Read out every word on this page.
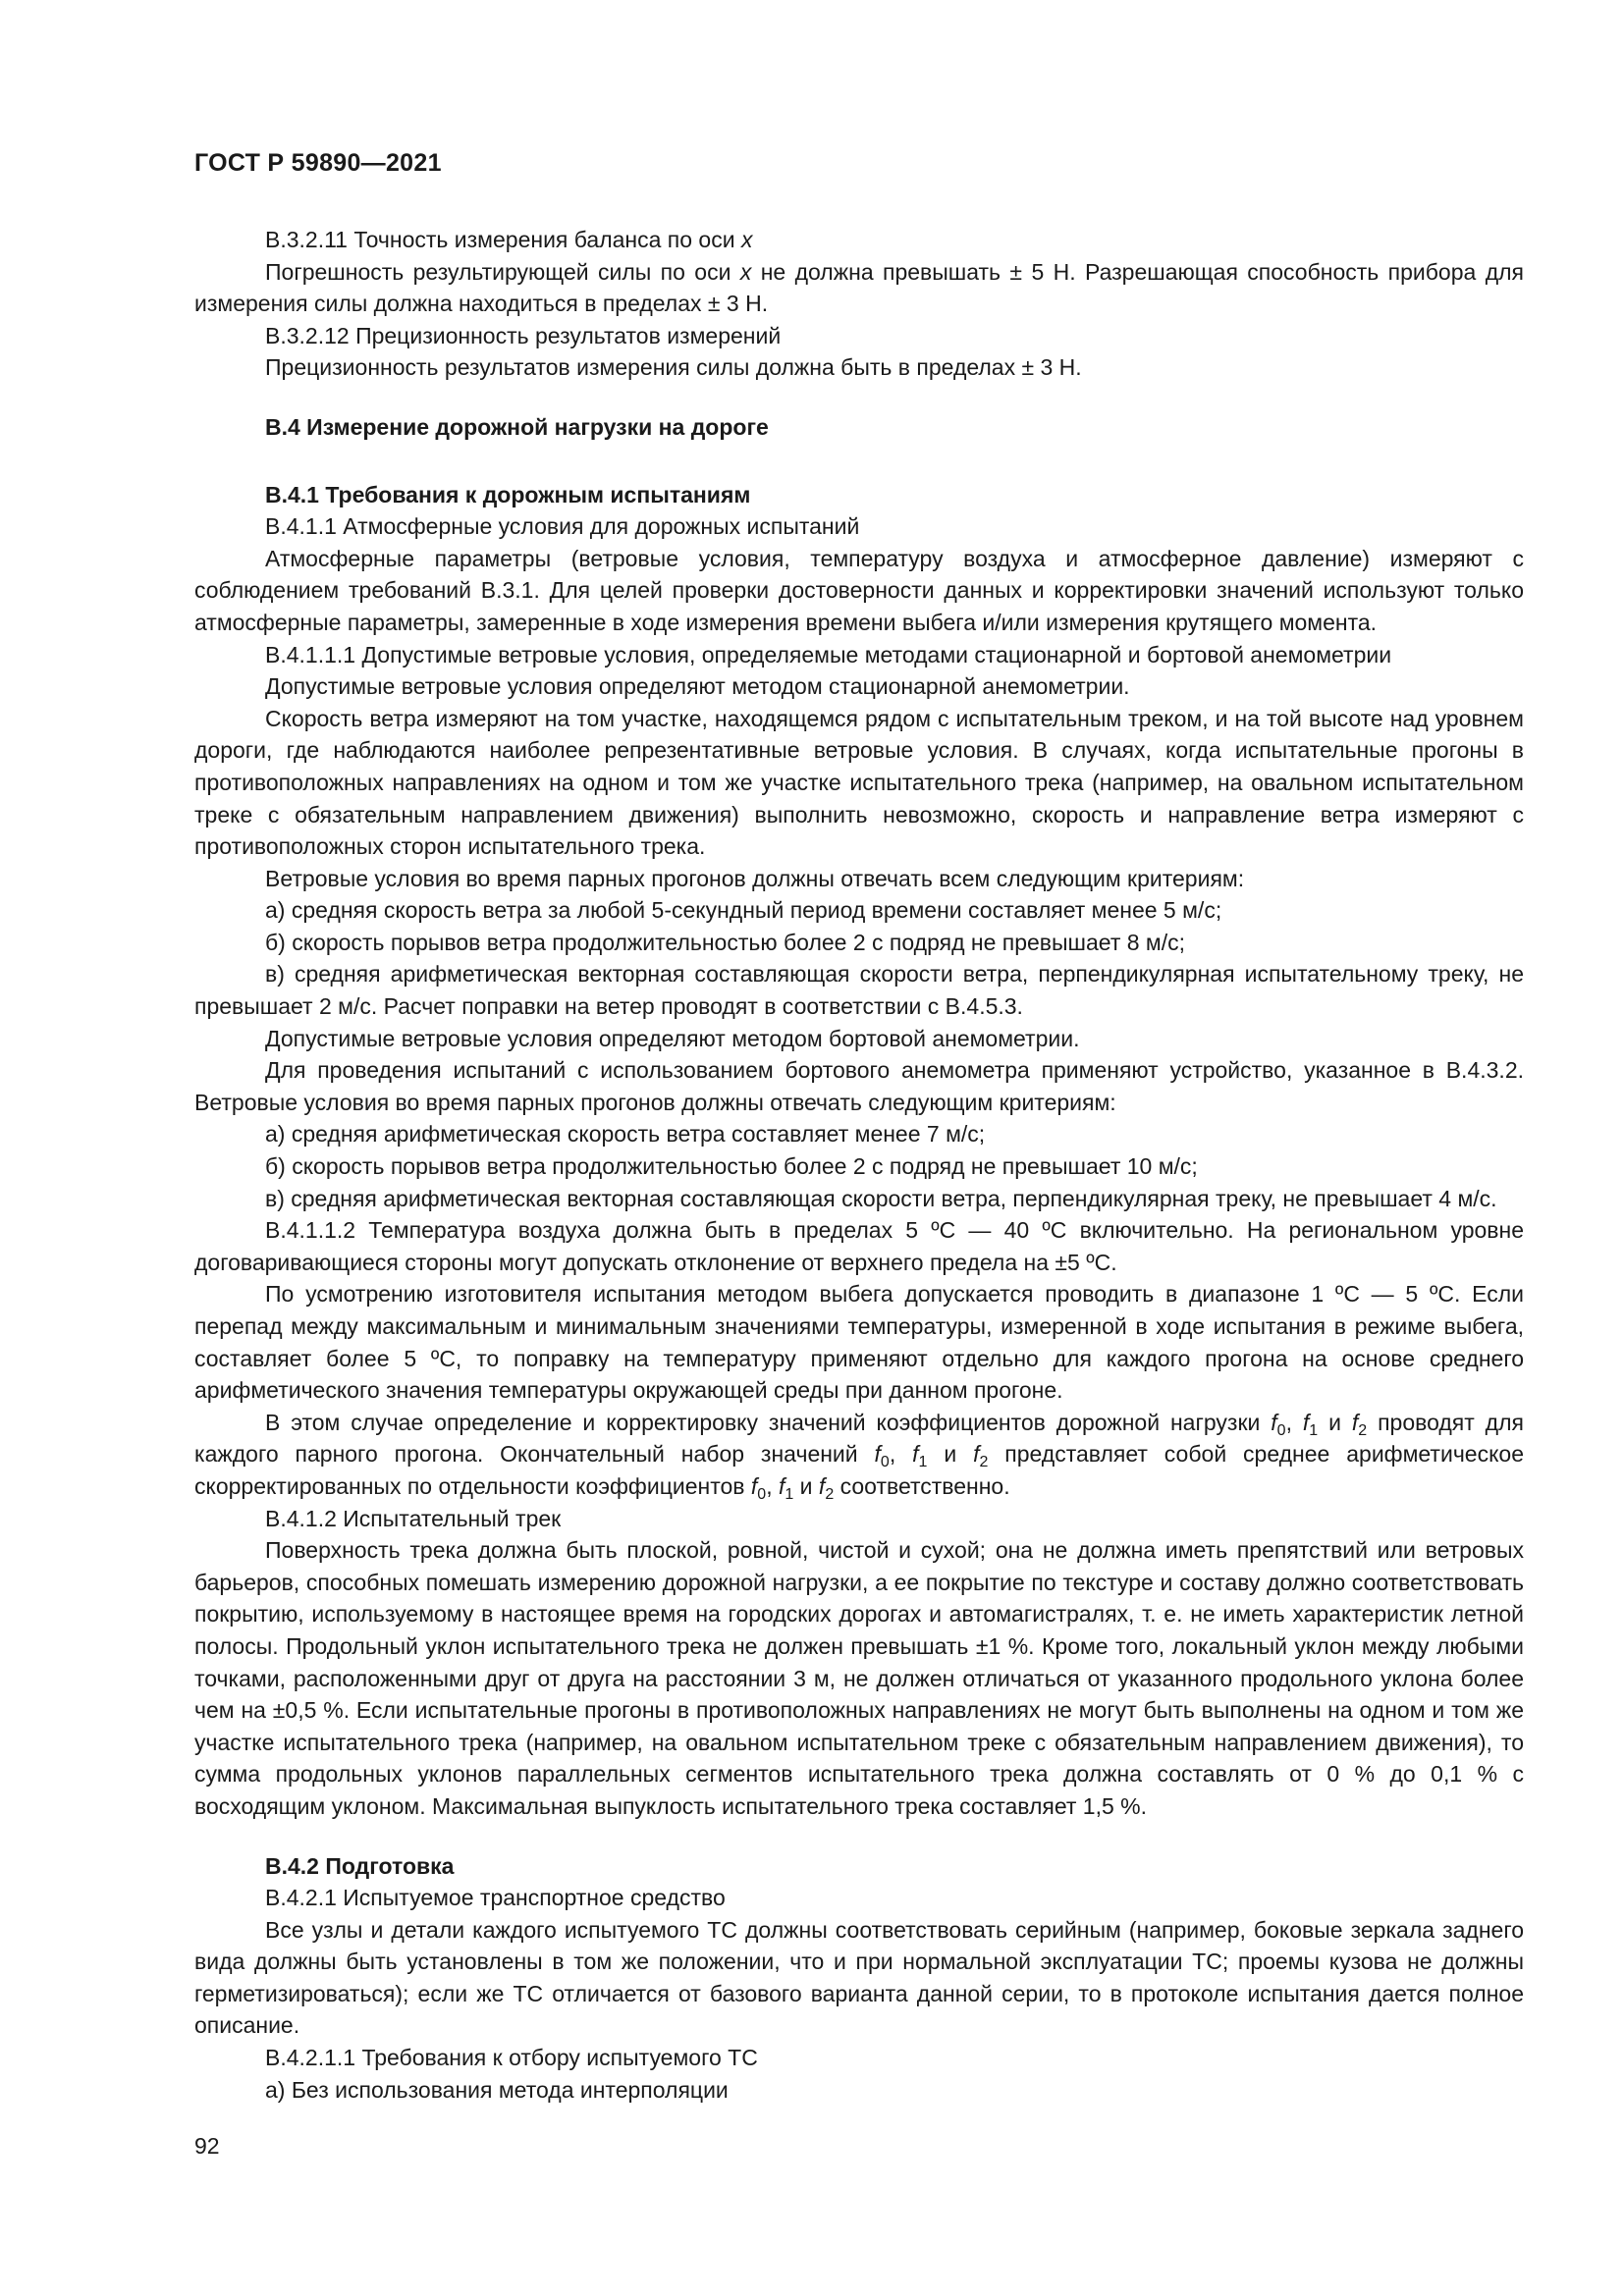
ГОСТ Р 59890—2021

В.3.2.11 Точность измерения баланса по оси x

Погрешность результирующей силы по оси x не должна превышать ± 5 Н. Разрешающая способность прибора для измерения силы должна находиться в пределах ± 3 Н.

В.3.2.12 Прецизионность результатов измерений

Прецизионность результатов измерения силы должна быть в пределах ± 3 Н.

В.4 Измерение дорожной нагрузки на дороге

В.4.1 Требования к дорожным испытаниям

В.4.1.1 Атмосферные условия для дорожных испытаний

Атмосферные параметры (ветровые условия, температуру воздуха и атмосферное давление) измеряют с соблюдением требований В.3.1. Для целей проверки достоверности данных и корректировки значений используют только атмосферные параметры, замеренные в ходе измерения времени выбега и/или измерения крутящего момента.

В.4.1.1.1 Допустимые ветровые условия, определяемые методами стационарной и бортовой анемометрии

Допустимые ветровые условия определяют методом стационарной анемометрии.

Скорость ветра измеряют на том участке, находящемся рядом с испытательным треком, и на той высоте над уровнем дороги, где наблюдаются наиболее репрезентативные ветровые условия. В случаях, когда испытательные прогоны в противоположных направлениях на одном и том же участке испытательного трека (например, на овальном испытательном треке с обязательным направлением движения) выполнить невозможно, скорость и направление ветра измеряют с противоположных сторон испытательного трека.

Ветровые условия во время парных прогонов должны отвечать всем следующим критериям:

а) средняя скорость ветра за любой 5-секундный период времени составляет менее 5 м/с;

б) скорость порывов ветра продолжительностью более 2 с подряд не превышает 8 м/с;

в) средняя арифметическая векторная составляющая скорости ветра, перпендикулярная испытательному треку, не превышает 2 м/с. Расчет поправки на ветер проводят в соответствии с В.4.5.3.

Допустимые ветровые условия определяют методом бортовой анемометрии.

Для проведения испытаний с использованием бортового анемометра применяют устройство, указанное в В.4.3.2. Ветровые условия во время парных прогонов должны отвечать следующим критериям:

а) средняя арифметическая скорость ветра составляет менее 7 м/с;

б) скорость порывов ветра продолжительностью более 2 с подряд не превышает 10 м/с;

в) средняя арифметическая векторная составляющая скорости ветра, перпендикулярная треку, не превышает 4 м/с.

В.4.1.1.2 Температура воздуха должна быть в пределах 5 ºС — 40 ºС включительно. На региональном уровне договаривающиеся стороны могут допускать отклонение от верхнего предела на ±5 ºС.

По усмотрению изготовителя испытания методом выбега допускается проводить в диапазоне 1 ºС — 5 ºС. Если перепад между максимальным и минимальным значениями температуры, измеренной в ходе испытания в режиме выбега, составляет более 5 ºС, то поправку на температуру применяют отдельно для каждого прогона на основе среднего арифметического значения температуры окружающей среды при данном прогоне.

В этом случае определение и корректировку значений коэффициентов дорожной нагрузки $f_0$, $f_1$ и $f_2$ проводят для каждого парного прогона. Окончательный набор значений $f_0$, $f_1$ и $f_2$ представляет собой среднее арифметическое скорректированных по отдельности коэффициентов $f_0$, $f_1$ и $f_2$ соответственно.

В.4.1.2 Испытательный трек

Поверхность трека должна быть плоской, ровной, чистой и сухой; она не должна иметь препятствий или ветровых барьеров, способных помешать измерению дорожной нагрузки, а ее покрытие по текстуре и составу должно соответствовать покрытию, используемому в настоящее время на городских дорогах и автомагистралях, т. е. не иметь характеристик летной полосы. Продольный уклон испытательного трека не должен превышать ±1 %. Кроме того, локальный уклон между любыми точками, расположенными друг от друга на расстоянии 3 м, не должен отличаться от указанного продольного уклона более чем на ±0,5 %. Если испытательные прогоны в противоположных направлениях не могут быть выполнены на одном и том же участке испытательного трека (например, на овальном испытательном треке с обязательным направлением движения), то сумма продольных уклонов параллельных сегментов испытательного трека должна составлять от 0 % до 0,1 % с восходящим уклоном. Максимальная выпуклость испытательного трека составляет 1,5 %.

В.4.2 Подготовка

В.4.2.1 Испытуемое транспортное средство

Все узлы и детали каждого испытуемого ТС должны соответствовать серийным (например, боковые зеркала заднего вида должны быть установлены в том же положении, что и при нормальной эксплуатации ТС; проемы кузова не должны герметизироваться); если же ТС отличается от базового варианта данной серии, то в протоколе испытания дается полное описание.

В.4.2.1.1 Требования к отбору испытуемого ТС

а) Без использования метода интерполяции

92
